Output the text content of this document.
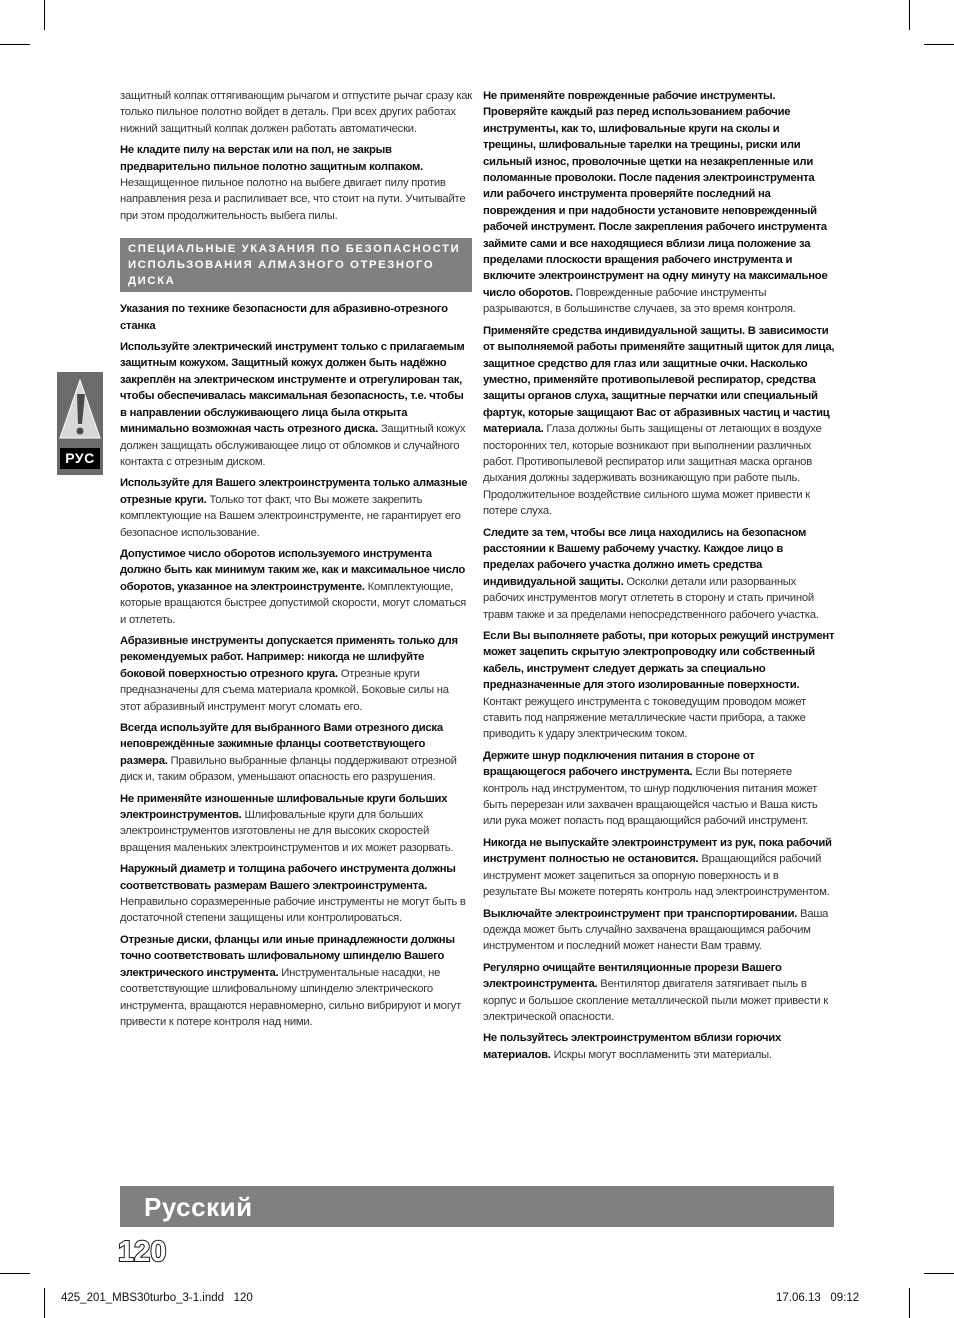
РУС

защитный колпак оттягивающим рычагом и отпустите рычаг сразу как только пильное полотно войдет в деталь. При всех других работах нижний защитный колпак должен работать автоматически.

Не кладите пилу на верстак или на пол, не закрыв предварительно пильное полотно защитным колпаком. Незащищенное пильное полотно на выбеге двигает пилу против направления реза и распиливает все, что стоит на пути. Учитывайте при этом продолжительность выбега пилы.

СПЕЦИАЛЬНЫЕ УКАЗАНИЯ ПО БЕЗОПАСНОСТИ ИСПОЛЬЗОВАНИЯ АЛМАЗНОГО ОТРЕЗНОГО ДИСКА

Указания по технике безопасности для абразивно-отрезного станка

Используйте электрический инструмент только с прилагаемым защитным кожухом. Защитный кожух должен быть надёжно закреплён на электрическом инструменте и отрегулирован так, чтобы обеспечивалась максимальная безопасность, т.е. чтобы в направлении обслуживающего лица была открыта минимально возможная часть отрезного диска. Защитный кожух должен защищать обслуживающее лицо от обломков и случайного контакта с отрезным диском.

Используйте для Вашего электроинструмента только алмазные отрезные круги. Только тот факт, что Вы можете закрепить комплектующие на Вашем электроинструменте, не гарантирует его безопасное использование.

Допустимое число оборотов используемого инструмента должно быть как минимум таким же, как и максимальное число оборотов, указанное на электроинструменте. Комплектующие, которые вращаются быстрее допустимой скорости, могут сломаться и отлететь.

Абразивные инструменты допускается применять только для рекомендуемых работ. Например: никогда не шлифуйте боковой поверхностью отрезного круга. Отрезные круги предназначены для съема материала кромкой. Боковые силы на этот абразивный инструмент могут сломать его.

Всегда используйте для выбранного Вами отрезного диска неповреждённые зажимные фланцы соответствующего размера. Правильно выбранные фланцы поддерживают отрезной диск и, таким образом, уменьшают опасность его разрушения.

Не применяйте изношенные шлифовальные круги больших электроинструментов. Шлифовальные круги для больших электроинструментов изготовлены не для высоких скоростей вращения маленьких электроинструментов и их может разорвать.

Наружный диаметр и толщина рабочего инструмента должны соответствовать размерам Вашего электроинструмента. Неправильно соразмеренные рабочие инструменты не могут быть в достаточной степени защищены или контролироваться.

Отрезные диски, фланцы или иные принадлежности должны точно соответствовать шлифовальному шпинделю Вашего электрического инструмента. Инструментальные насадки, не соответствующие шлифовальному шпинделю электрического инструмента, вращаются неравномерно, сильно вибрируют и могут привести к потере контроля над ними.

Не применяйте поврежденные рабочие инструменты. Проверяйте каждый раз перед использованием рабочие инструменты, как то, шлифовальные круги на сколы и трещины, шлифовальные тарелки на трещины, риски или сильный износ, проволочные щетки на незакрепленные или поломанные проволоки. После падения электроинструмента или рабочего инструмента проверяйте последний на повреждения и при надобности установите неповрежденный рабочей инструмент. После закрепления рабочего инструмента займите сами и все находящиеся вблизи лица положение за пределами плоскости вращения рабочего инструмента и включите электроинструмент на одну минуту на максимальное число оборотов. Поврежденные рабочие инструменты разрываются, в большинстве случаев, за это время контроля.

Применяйте средства индивидуальной защиты. В зависимости от выполняемой работы применяйте защитный щиток для лица, защитное средство для глаз или защитные очки. Насколько уместно, применяйте противопылевой респиратор, средства защиты органов слуха, защитные перчатки или специальный фартук, которые защищают Вас от абразивных частиц и частиц материала. Глаза должны быть защищены от летающих в воздухе посторонних тел, которые возникают при выполнении различных работ. Противопылевой респиратор или защитная маска органов дыхания должны задерживать возникающую при работе пыль. Продолжительное воздействие сильного шума может привести к потере слуха.

Следите за тем, чтобы все лица находились на безопасном расстоянии к Вашему рабочему участку. Каждое лицо в пределах рабочего участка должно иметь средства индивидуальной защиты. Осколки детали или разорванных рабочих инструментов могут отлететь в сторону и стать причиной травм также и за пределами непосредственного рабочего участка.

Если Вы выполняете работы, при которых режущий инструмент может зацепить скрытую электропроводку или собственный кабель, инструмент следует держать за специально предназначенные для этого изолированные поверхности. Контакт режущего инструмента с токоведущим проводом может ставить под напряжение металлические части прибора, а также приводить к удару электрическим током.

Держите шнур подключения питания в стороне от вращающегося рабочего инструмента. Если Вы потеряете контроль над инструментом, то шнур подключения питания может быть перерезан или захвачен вращающейся частью и Ваша кисть или рука может попасть под вращающийся рабочий инструмент.

Никогда не выпускайте электроинструмент из рук, пока рабочий инструмент полностью не остановится. Вращающийся рабочий инструмент может зацепиться за опорную поверхность и в результате Вы можете потерять контроль над электроинструментом.

Выключайте электроинструмент при транспортировании. Ваша одежда может быть случайно захвачена вращающимся рабочим инструментом и последний может нанести Вам травму.

Регулярно очищайте вентиляционные прорези Вашего электроинструмента. Вентилятор двигателя затягивает пыль в корпус и большое скопление металлической пыли может привести к электрической опасности.

Не пользуйтесь электроинструментом вблизи горючих материалов. Искры могут воспламенить эти материалы.

Русский
120
425_201_MBS30turbo_3-1.indd   120	17.06.13   09:12
